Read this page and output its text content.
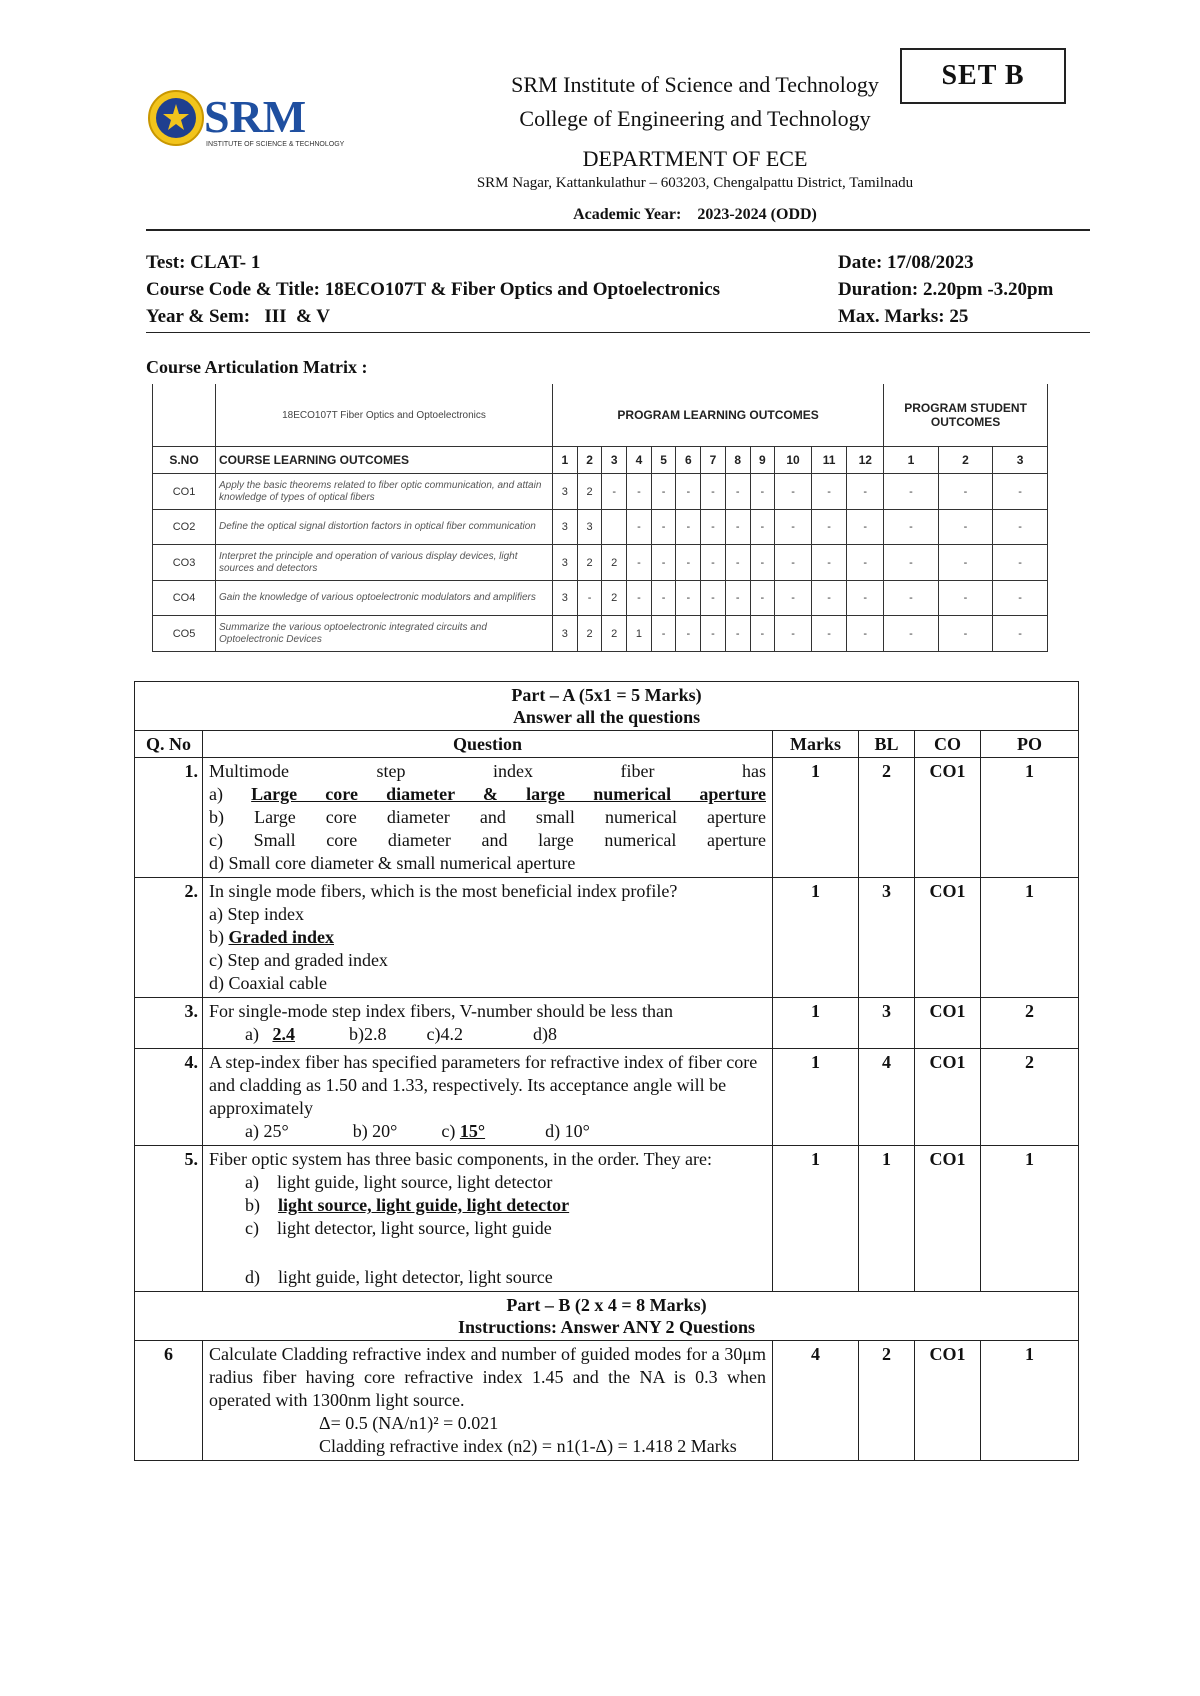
SRM
INSTITUTE OF SCIENCE & TECHNOLOGY
SRM Institute of Science and Technology
College of Engineering and Technology
DEPARTMENT OF ECE
SRM Nagar, Kattankulathur – 603203, Chengalpattu District, Tamilnadu
Academic Year: 2023-2024 (ODD)
SET B
Test: CLAT- 1	Date: 17/08/2023
Course Code & Title: 18ECO107T & Fiber Optics and Optoelectronics	Duration: 2.20pm -3.20pm
Year & Sem:   III  & V	Max. Marks: 25
Course Articulation Matrix :
	18ECO107T Fiber Optics and Optoelectronics	PROGRAM LEARNING OUTCOMES												PROGRAM STUDENT OUTCOMES		
S.NO	COURSE LEARNING OUTCOMES	1	2	3	4	5	6	7	8	9	10	11	12	1	2	3
CO1	Apply the basic theorems related to fiber optic communication, and attain knowledge of types of optical fibers	3	2	-	-	-	-	-	-	-	-	-	-	-	-	-
CO2	Define the optical signal distortion factors in optical fiber communication	3	3		-	-	-	-	-	-	-	-	-	-	-	-
CO3	Interpret the principle and operation of various display devices, light sources and detectors	3	2	2	-	-	-	-	-	-	-	-	-	-	-	-
CO4	Gain the knowledge of various optoelectronic modulators and amplifiers	3	-	2	-	-	-	-	-	-	-	-	-	-	-	-
CO5	Summarize the various optoelectronic integrated circuits and Optoelectronic Devices	3	2	2	1	-	-	-	-	-	-	-	-	-	-	-
Part – A (5x1 = 5 Marks)
Answer all the questions					

Q. No	Question	Marks	BL	CO	PO
1.	Multimode step index fiber has
a) Large core diameter & large numerical aperture
b) Large core diameter and small numerical aperture
c) Small core diameter and large numerical aperture
d) Small core diameter & small numerical aperture	1	2	CO1	1
2.	In single mode fibers, which is the most beneficial index profile?
a) Step index
b) Graded index
c) Step and graded index
d) Coaxial cable	1	3	CO1	1
3.	For single-mode step index fibers, V-number should be less than
a) 2.4 b)2.8 c)4.2 d)8	1	3	CO1	2
4.	A step-index fiber has specified parameters for refractive index of fiber core and cladding as 1.50 and 1.33, respectively. Its acceptance angle will be approximately
a) 25° b) 20° c) 15° d) 10°	1	4	CO1	2
5.	Fiber optic system has three basic components, in the order. They are:
a) light guide, light source, light detector
b) light source, light guide, light detector
c) light detector, light source, light guide
d) light guide, light detector, light source	1	1	CO1	1

Part – B (2 x 4 = 8 Marks)
Instructions: Answer ANY 2 Questions					

6	Calculate Cladding refractive index and number of guided modes for a 30μm radius fiber having core refractive index 1.45 and the NA is 0.3 when operated with 1300nm light source.
Δ= 0.5 (NA/n1)² = 0.021
Cladding refractive index (n2) = n1(1-Δ) = 1.418 2 Marks	4	2	CO1	1
